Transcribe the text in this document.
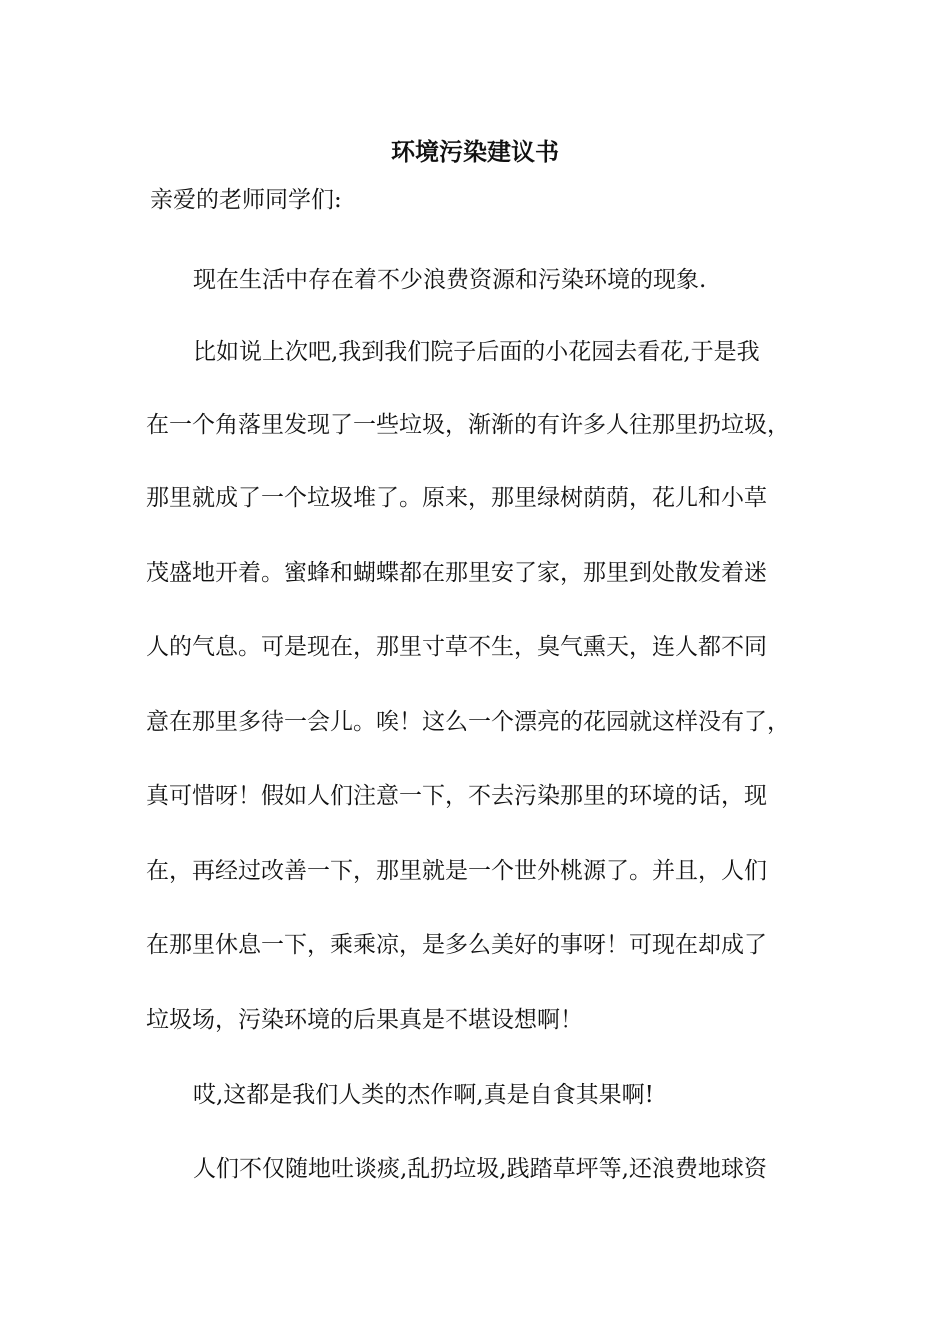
环境污染建议书
亲爱的老师同学们:
现在生活中存在着不少浪费资源和污染环境的现象.
比如说上次吧,我到我们院子后面的小花园去看花,于是我
在一个角落里发现了一些垃圾，渐渐的有许多人往那里扔垃圾，
那里就成了一个垃圾堆了。原来，那里绿树荫荫，花儿和小草
茂盛地开着。蜜蜂和蝴蝶都在那里安了家，那里到处散发着迷
人的气息。可是现在，那里寸草不生，臭气熏天，连人都不同
意在那里多待一会儿。唉！这么一个漂亮的花园就这样没有了，
真可惜呀！假如人们注意一下，不去污染那里的环境的话，现
在，再经过改善一下，那里就是一个世外桃源了。并且，人们
在那里休息一下，乘乘凉，是多么美好的事呀！可现在却成了
垃圾场，污染环境的后果真是不堪设想啊！
哎,这都是我们人类的杰作啊,真是自食其果啊!
人们不仅随地吐谈痰,乱扔垃圾,践踏草坪等,还浪费地球资
